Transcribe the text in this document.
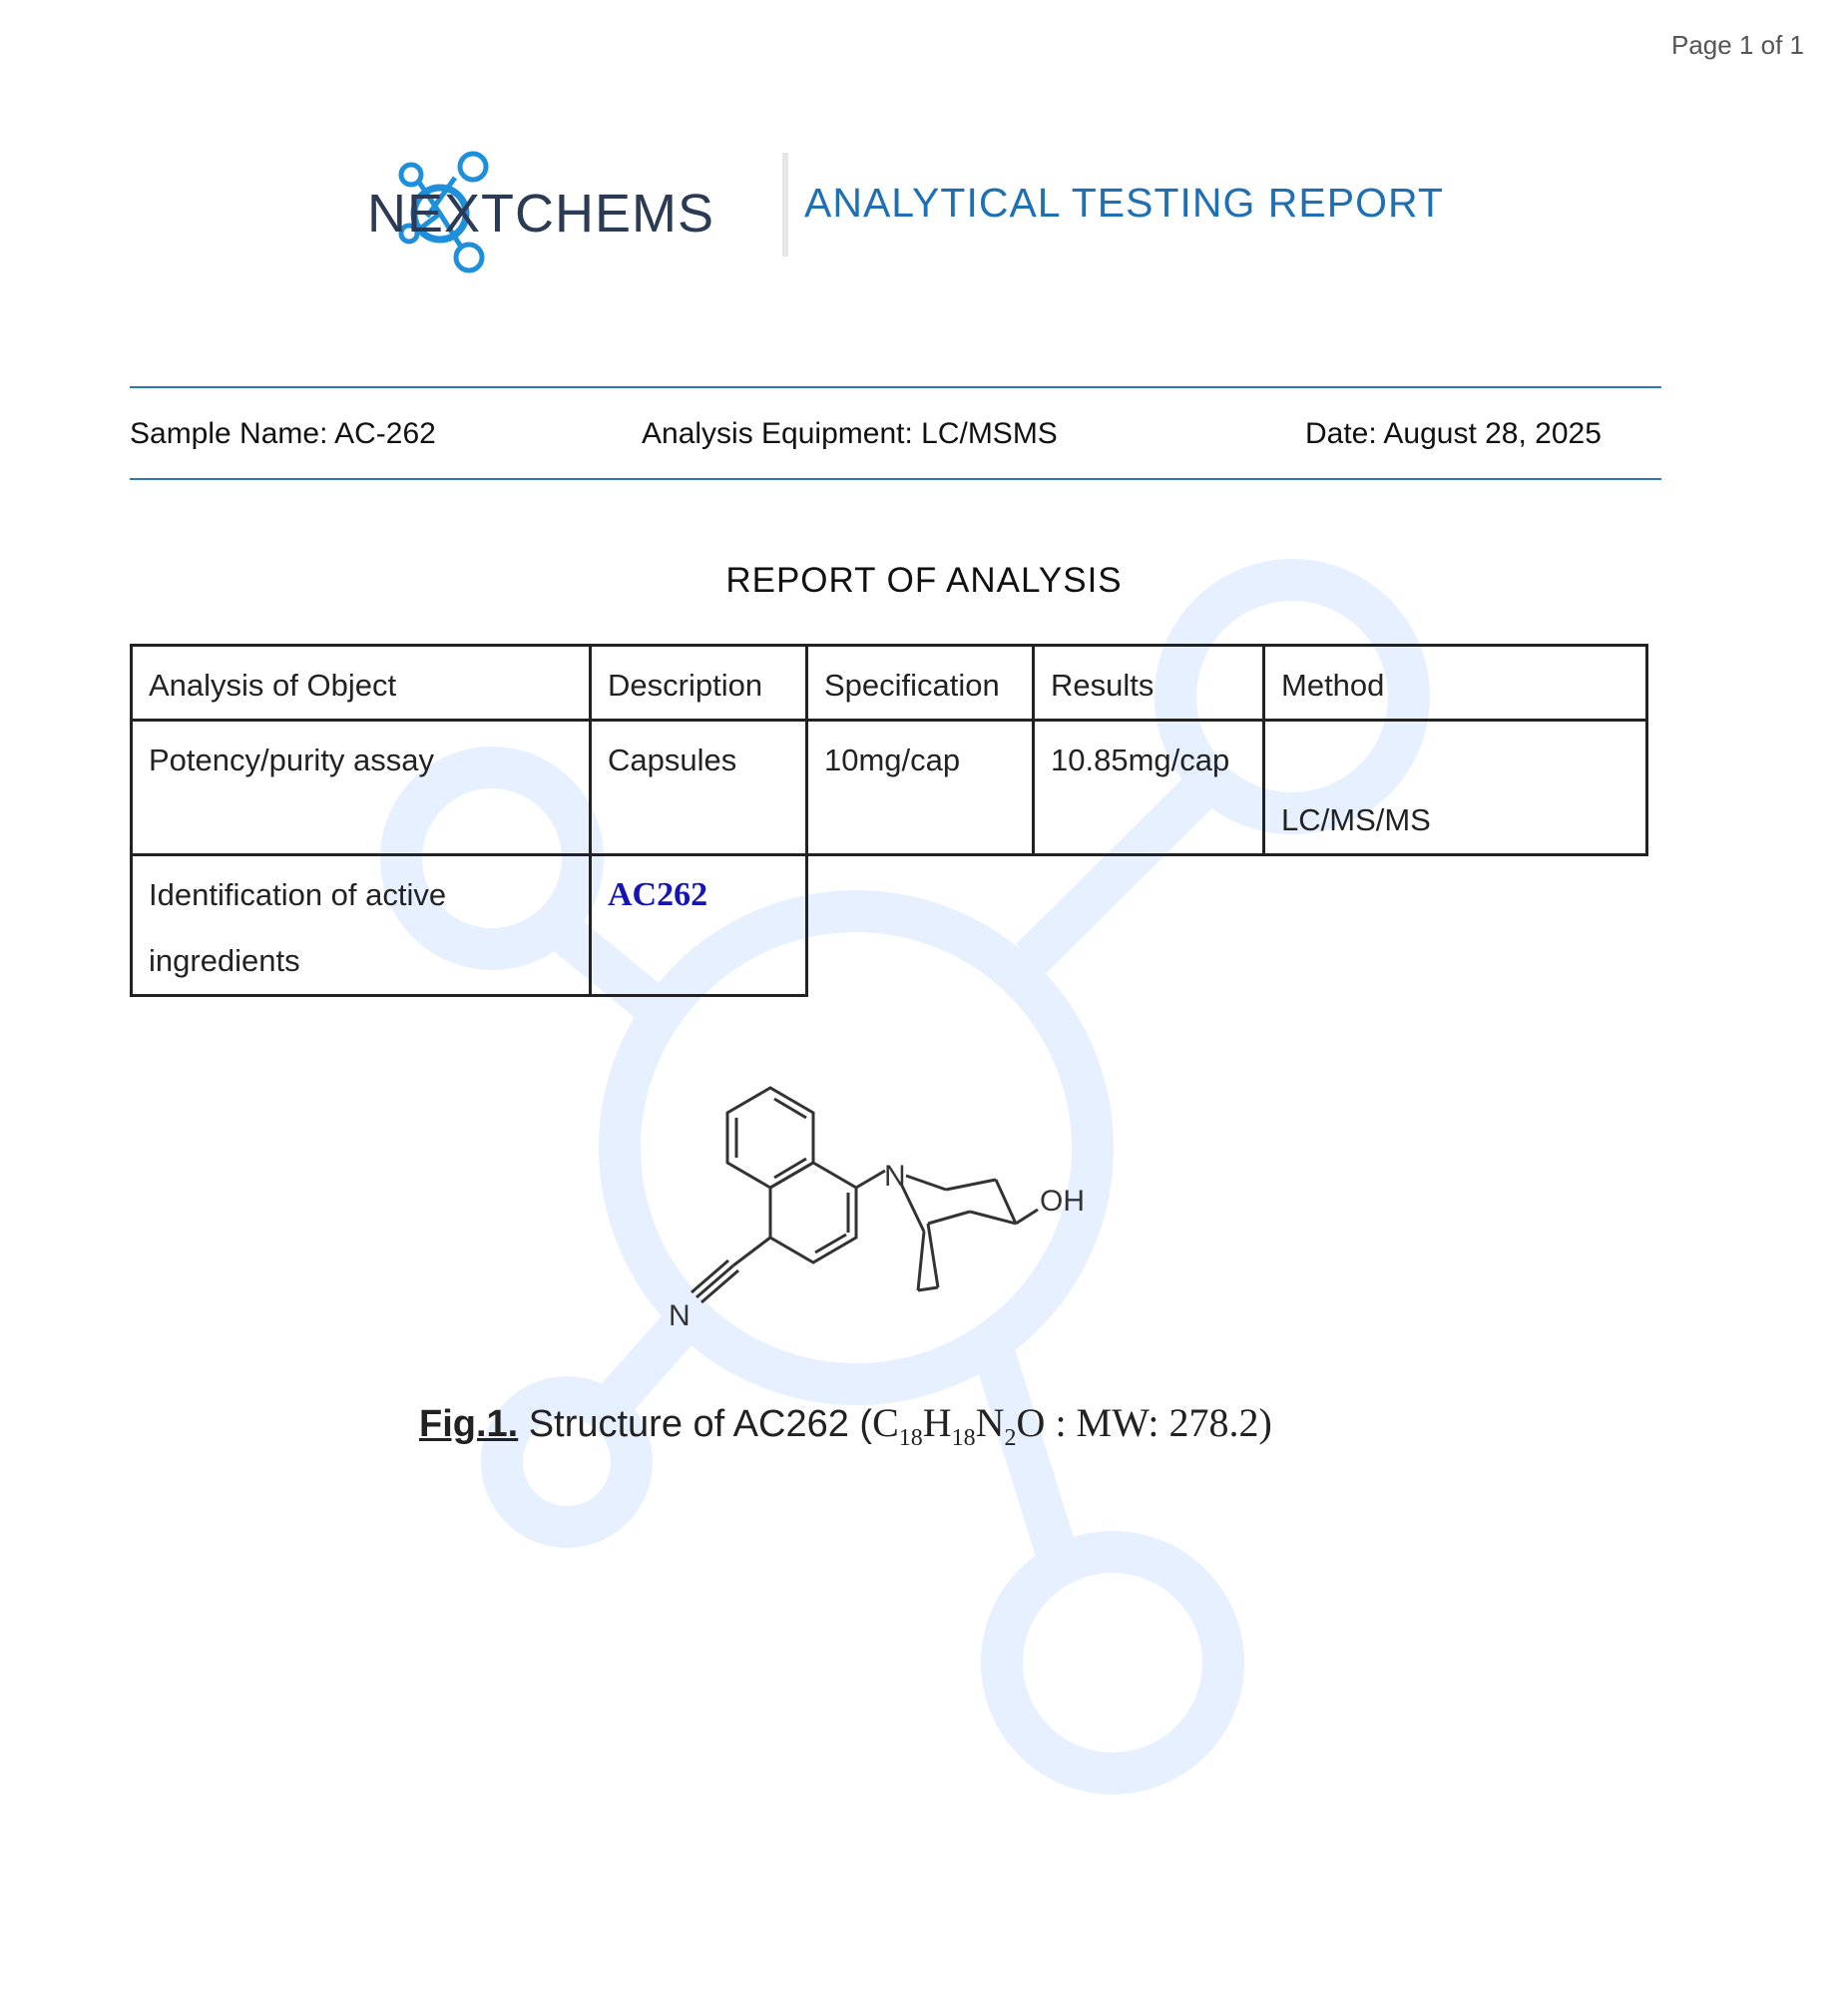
Page 1 of 1
NEXTCHEMS ANALYTICAL TESTING REPORT
Sample Name: AC-262	Analysis Equipment: LC/MSMS	Date: August 28, 2025
REPORT OF ANALYSIS
Analysis of Object	Description	Specification	Results	Method
Potency/purity assay	Capsules	10mg/cap	10.85mg/cap	LC/MS/MS

Identification of active
ingredients	AC262			
N
OH
N
Fig.1. Structure of AC262 ($C_{18}H_{18}N_2O$ : MW: 278.2)
